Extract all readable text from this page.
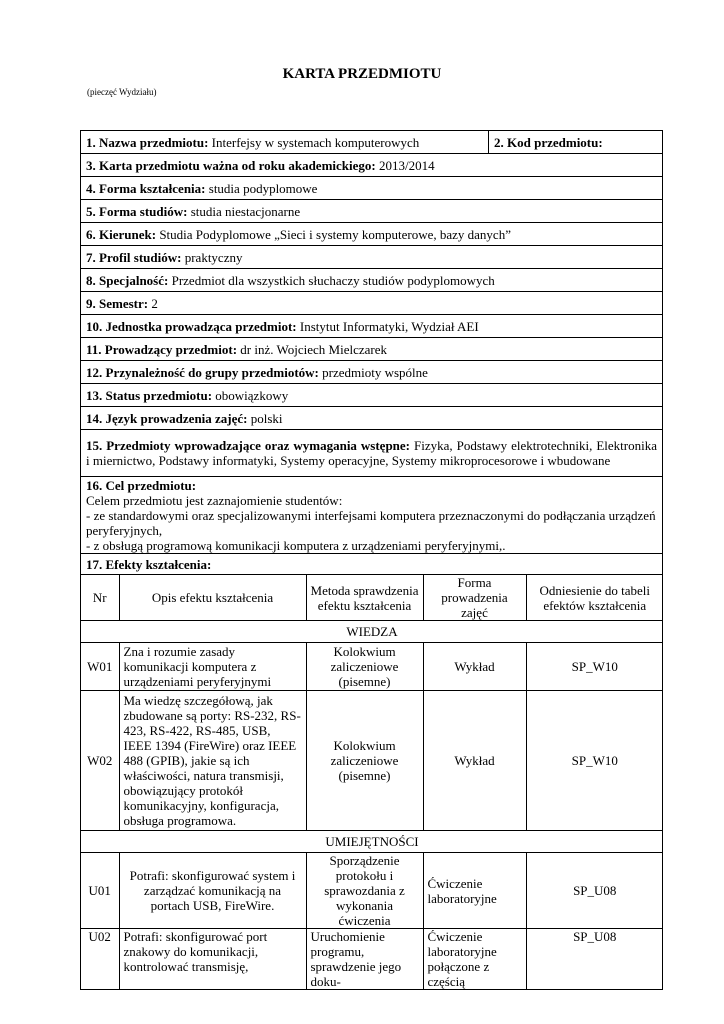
KARTA PRZEDMIOTU
(pieczęć Wydziału)
1. Nazwa przedmiotu: Interfejsy w systemach komputerowych	2. Kod przedmiotu:
3. Karta przedmiotu ważna od roku akademickiego: 2013/2014
4. Forma kształcenia: studia podyplomowe
5. Forma studiów: studia niestacjonarne
6. Kierunek: Studia Podyplomowe „Sieci i systemy komputerowe, bazy danych”
7. Profil studiów: praktyczny
8. Specjalność: Przedmiot dla wszystkich słuchaczy studiów podyplomowych
9. Semestr: 2
10. Jednostka prowadząca przedmiot: Instytut Informatyki, Wydział AEI
11. Prowadzący przedmiot: dr inż. Wojciech Mielczarek
12. Przynależność do grupy przedmiotów: przedmioty wspólne
13. Status przedmiotu: obowiązkowy
14. Język prowadzenia zajęć: polski
15. Przedmioty wprowadzające oraz wymagania wstępne: Fizyka, Podstawy elektrotechniki, Elektronika i miernictwo, Podstawy informatyki, Systemy operacyjne, Systemy mikroprocesorowe i wbudowane

16. Cel przedmiotu:
Celem przedmiotu jest zaznajomienie studentów:
- ze standardowymi oraz specjalizowanymi interfejsami komputera przeznaczonymi do podłączania urządzeń peryferyjnych,
- z obsługą programową komunikacji komputera z urządzeniami peryferyjnymi,.

17. Efekty kształcenia:

Nr	Opis efektu kształcenia	Metoda sprawdzenia efektu kształcenia	Forma prowadzenia zajęć	Odniesienie do tabeli efektów kształcenia
WIEDZA
W01	Zna i rozumie zasady komunikacji komputera z urządzeniami peryferyjnymi	Kolokwium zaliczeniowe (pisemne)	Wykład	SP_W10
W02	Ma wiedzę szczegółową, jak zbudowane są porty: RS-232, RS-423, RS-422, RS-485, USB, IEEE 1394 (FireWire) oraz IEEE 488 (GPIB), jakie są ich właściwości, natura transmisji, obowiązujący protokół komunikacyjny, konfiguracja, obsługa programowa.	Kolokwium zaliczeniowe (pisemne)	Wykład	SP_W10
UMIEJĘTNOŚCI
U01	Potrafi: skonfigurować system i zarządzać komunikacją na portach USB, FireWire.	Sporządzenie protokołu i sprawozdania z wykonania ćwiczenia	Ćwiczenie laboratoryjne	SP_U08
U02	Potrafi: skonfigurować port znakowy do komunikacji, kontrolować transmisję,	Uruchomienie programu, sprawdzenie jego doku-	Ćwiczenie laboratoryjne połączone z częścią	SP_U08
